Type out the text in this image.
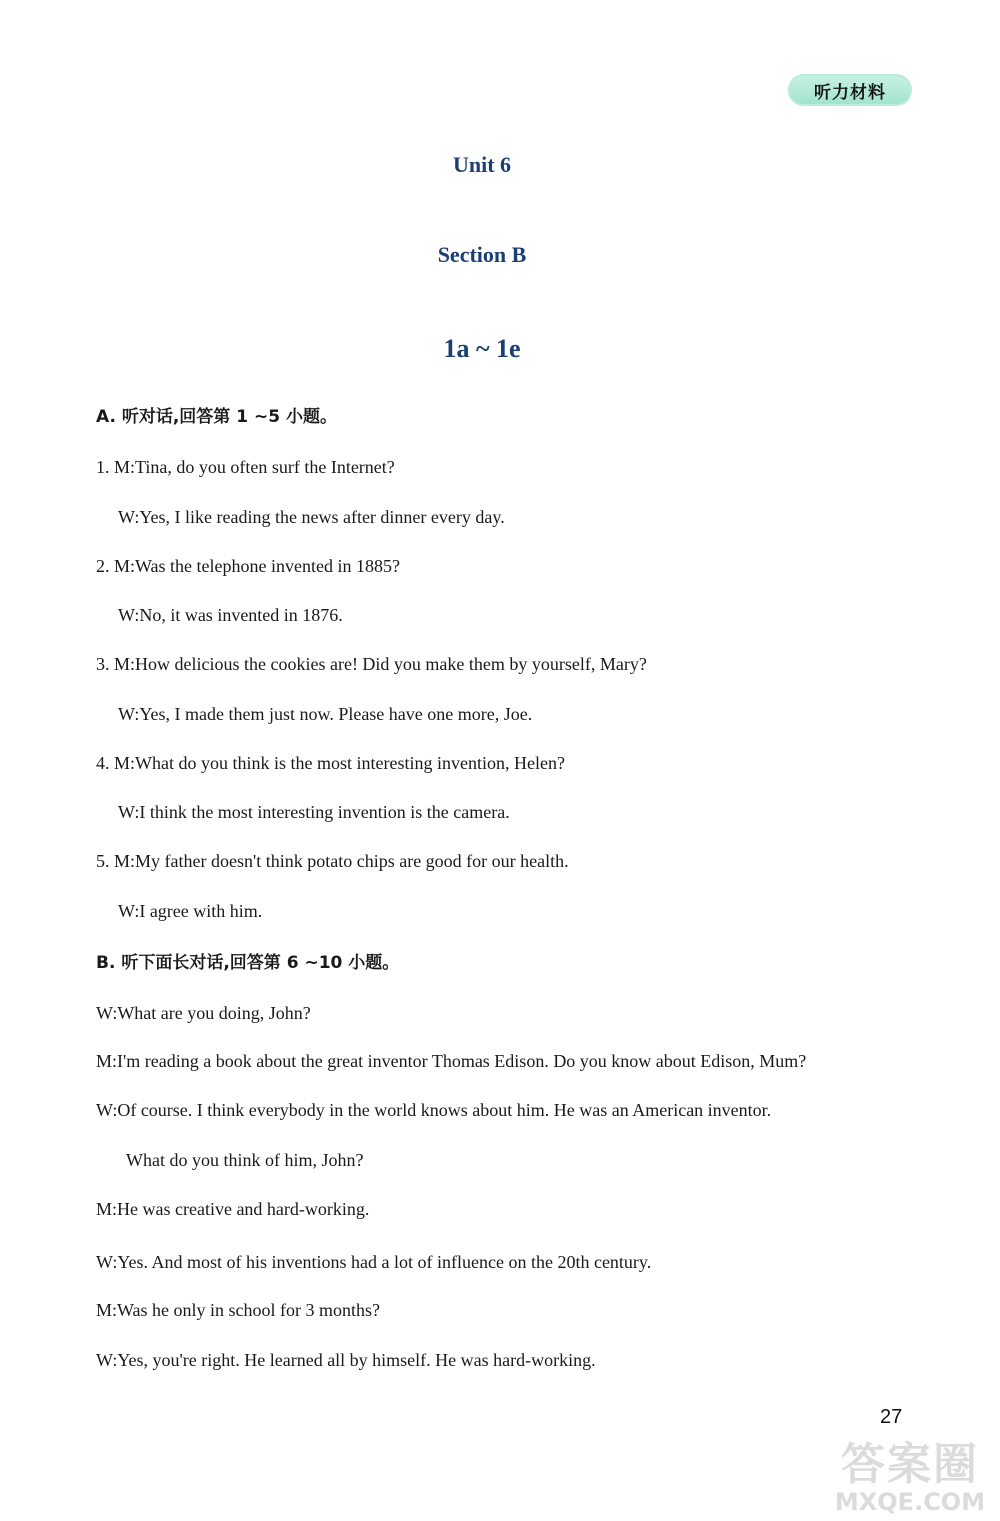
听力材料
Unit 6
Section B
1a ~ 1e
A. 听对话,回答第 1 ~5 小题。
1. M:Tina, do you often surf the Internet?
W:Yes, I like reading the news after dinner every day.
2. M:Was the telephone invented in 1885?
W:No, it was invented in 1876.
3. M:How delicious the cookies are! Did you make them by yourself, Mary?
W:Yes, I made them just now. Please have one more, Joe.
4. M:What do you think is the most interesting invention, Helen?
W:I think the most interesting invention is the camera.
5. M:My father doesn't think potato chips are good for our health.
W:I agree with him.
B. 听下面长对话,回答第 6 ~10 小题。
W:What are you doing, John?
M:I'm reading a book about the great inventor Thomas Edison. Do you know about Edison, Mum?
W:Of course. I think everybody in the world knows about him. He was an American inventor.
What do you think of him, John?
M:He was creative and hard-working.
W:Yes. And most of his inventions had a lot of influence on the 20th century.
M:Was he only in school for 3 months?
W:Yes, you're right. He learned all by himself. He was hard-working.
27
答案圈
MXQE.COM
